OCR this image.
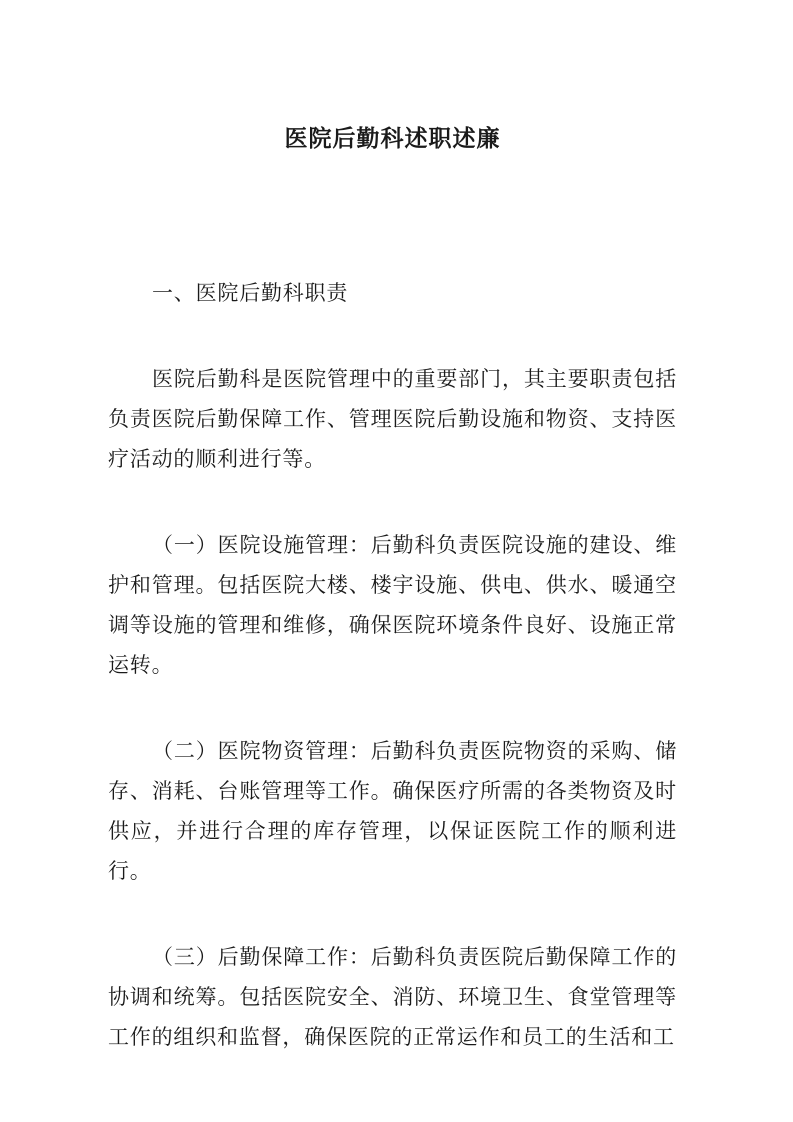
医院后勤科述职述廉

一、医院后勤科职责

医院后勤科是医院管理中的重要部门，其主要职责包括负责医院后勤保障工作、管理医院后勤设施和物资、支持医疗活动的顺利进行等。

（一）医院设施管理：后勤科负责医院设施的建设、维护和管理。包括医院大楼、楼宇设施、供电、供水、暖通空调等设施的管理和维修，确保医院环境条件良好、设施正常运转。

（二）医院物资管理：后勤科负责医院物资的采购、储存、消耗、台账管理等工作。确保医疗所需的各类物资及时供应，并进行合理的库存管理，以保证医院工作的顺利进行。

（三）后勤保障工作：后勤科负责医院后勤保障工作的协调和统筹。包括医院安全、消防、环境卫生、食堂管理等工作的组织和监督，确保医院的正常运作和员工的生活和工
